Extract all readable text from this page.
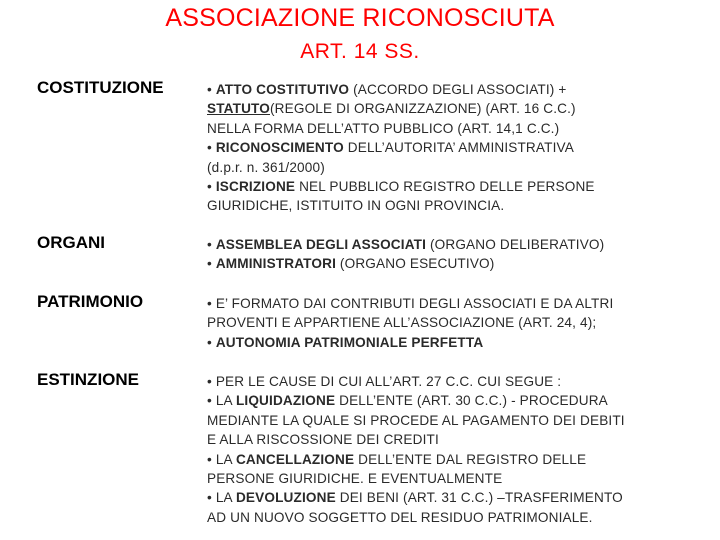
ASSOCIAZIONE RICONOSCIUTA
ART. 14 SS.
COSTITUZIONE	• ATTO COSTITUTIVO (ACCORDO DEGLI ASSOCIATI) +
STATUTO(REGOLE DI ORGANIZZAZIONE) (ART. 16 C.C.)
NELLA FORMA DELL’ATTO PUBBLICO (ART. 14,1 C.C.)
• RICONOSCIMENTO DELL’AUTORITA’ AMMINISTRATIVA
(d.p.r. n. 361/2000)
• ISCRIZIONE NEL PUBBLICO REGISTRO DELLE PERSONE
GIURIDICHE, ISTITUITO IN OGNI PROVINCIA.
ORGANI	• ASSEMBLEA DEGLI ASSOCIATI (ORGANO DELIBERATIVO)
• AMMINISTRATORI (ORGANO ESECUTIVO)
PATRIMONIO	• E’ FORMATO DAI CONTRIBUTI DEGLI ASSOCIATI E DA ALTRI
PROVENTI E APPARTIENE ALL’ASSOCIAZIONE (ART. 24, 4);
• AUTONOMIA PATRIMONIALE PERFETTA
ESTINZIONE	• PER LE CAUSE DI CUI ALL’ART. 27 C.C. CUI SEGUE :
• LA LIQUIDAZIONE DELL’ENTE (ART. 30 C.C.) - PROCEDURA
MEDIANTE LA QUALE SI PROCEDE AL PAGAMENTO DEI DEBITI
E ALLA RISCOSSIONE DEI CREDITI
• LA CANCELLAZIONE DELL’ENTE DAL REGISTRO DELLE
PERSONE GIURIDICHE. E EVENTUALMENTE
• LA DEVOLUZIONE DEI BENI (ART. 31 C.C.) –TRASFERIMENTO
AD UN NUOVO SOGGETTO DEL RESIDUO PATRIMONIALE.
